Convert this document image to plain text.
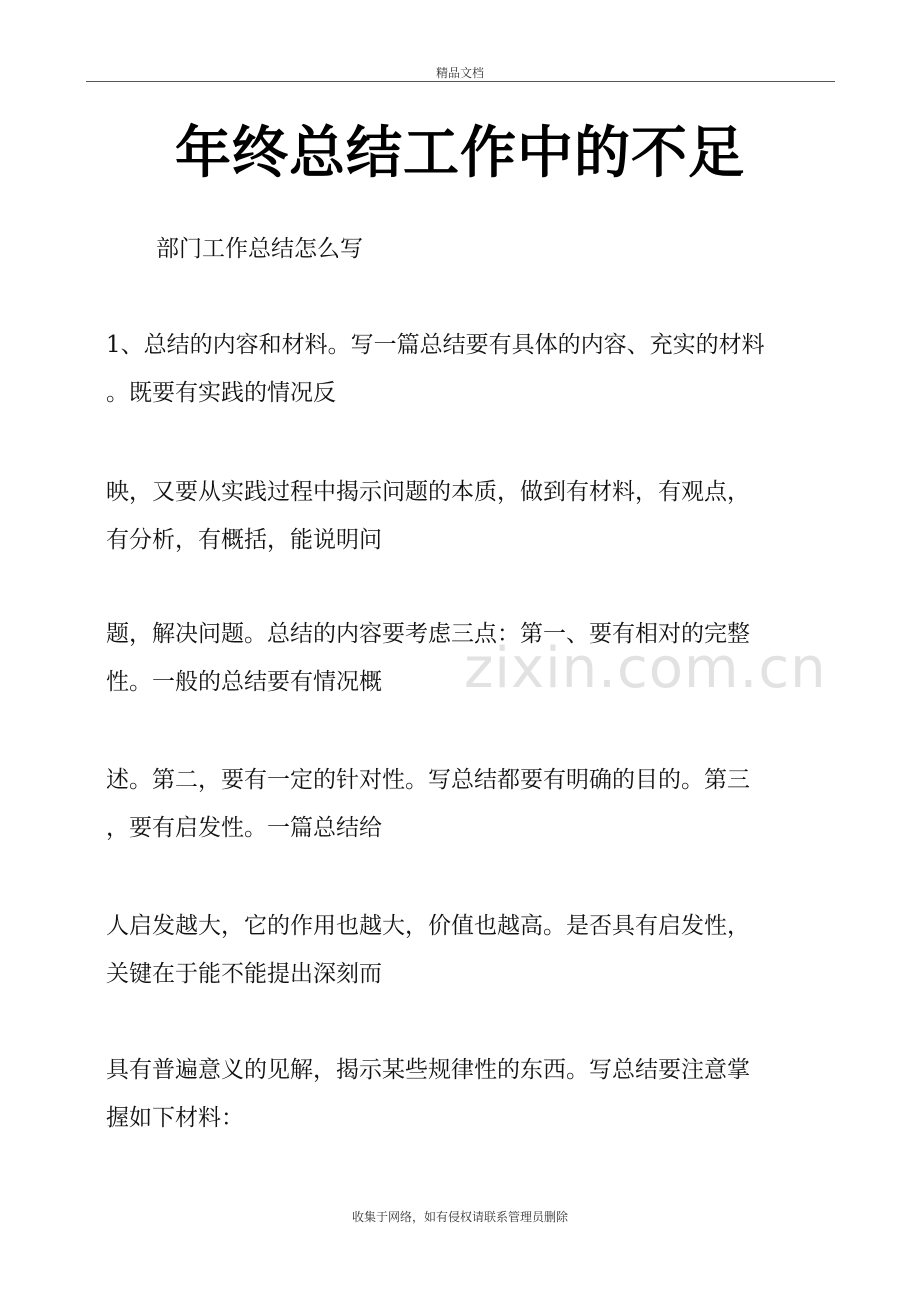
精品文档
年终总结工作中的不足
部门工作总结怎么写
1、总结的内容和材料。写一篇总结要有具体的内容、充实的材料
。既要有实践的情况反
映，又要从实践过程中揭示问题的本质，做到有材料，有观点，
有分析，有概括，能说明问
题，解决问题。总结的内容要考虑三点：第一、要有相对的完整
性。一般的总结要有情况概
述。第二，要有一定的针对性。写总结都要有明确的目的。第三
，要有启发性。一篇总结给
人启发越大，它的作用也越大，价值也越高。是否具有启发性，
关键在于能不能提出深刻而
具有普遍意义的见解，揭示某些规律性的东西。写总结要注意掌
握如下材料：
zixin.com.cn
收集于网络，如有侵权请联系管理员删除
